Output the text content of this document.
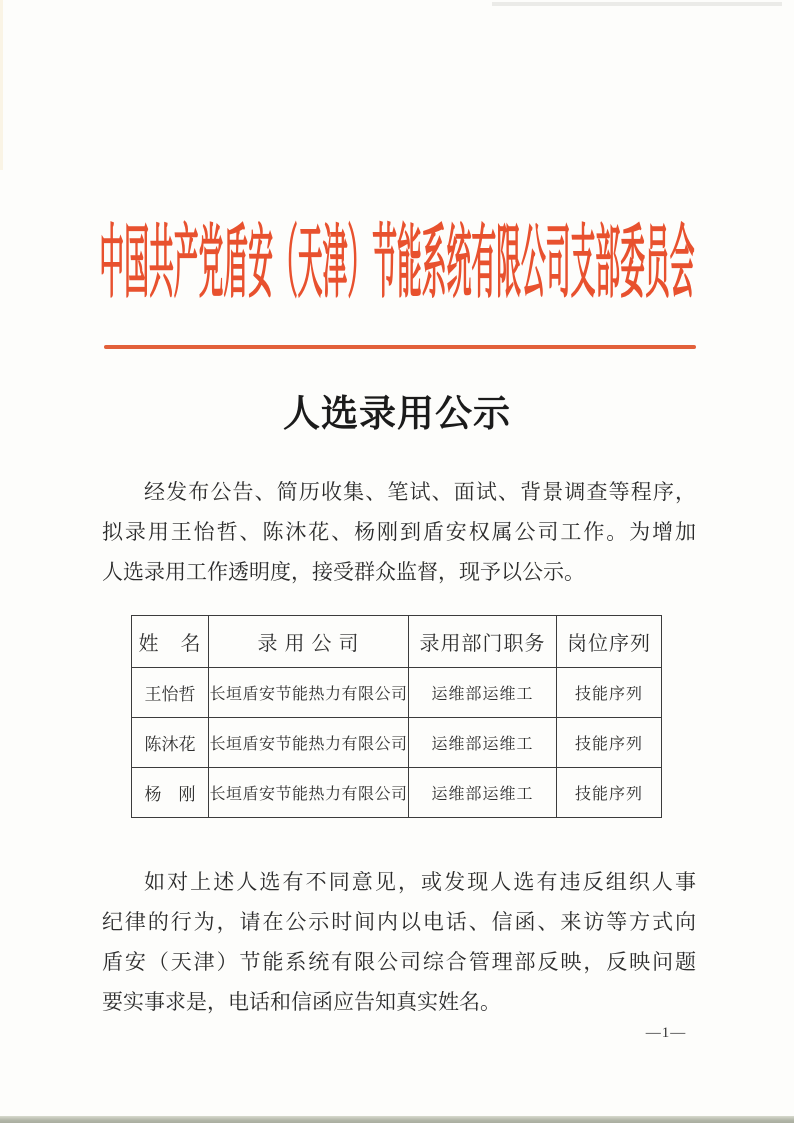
中国共产党盾安（天津）节能系统有限公司支部委员会
人选录用公示
经发布公告、简历收集、笔试、面试、背景调查等程序，
拟录用王怡哲、陈沐花、杨刚到盾安权属公司工作。为增加
人选录用工作透明度，接受群众监督，现予以公示。
姓　名	录 用 公 司	录用部门职务	岗位序列
王怡哲	长垣盾安节能热力有限公司	运维部运维工	技能序列
陈沐花	长垣盾安节能热力有限公司	运维部运维工	技能序列
杨　刚	长垣盾安节能热力有限公司	运维部运维工	技能序列
如对上述人选有不同意见，或发现人选有违反组织人事
纪律的行为，请在公示时间内以电话、信函、来访等方式向
盾安（天津）节能系统有限公司综合管理部反映，反映问题
要实事求是，电话和信函应告知真实姓名。
—1—
